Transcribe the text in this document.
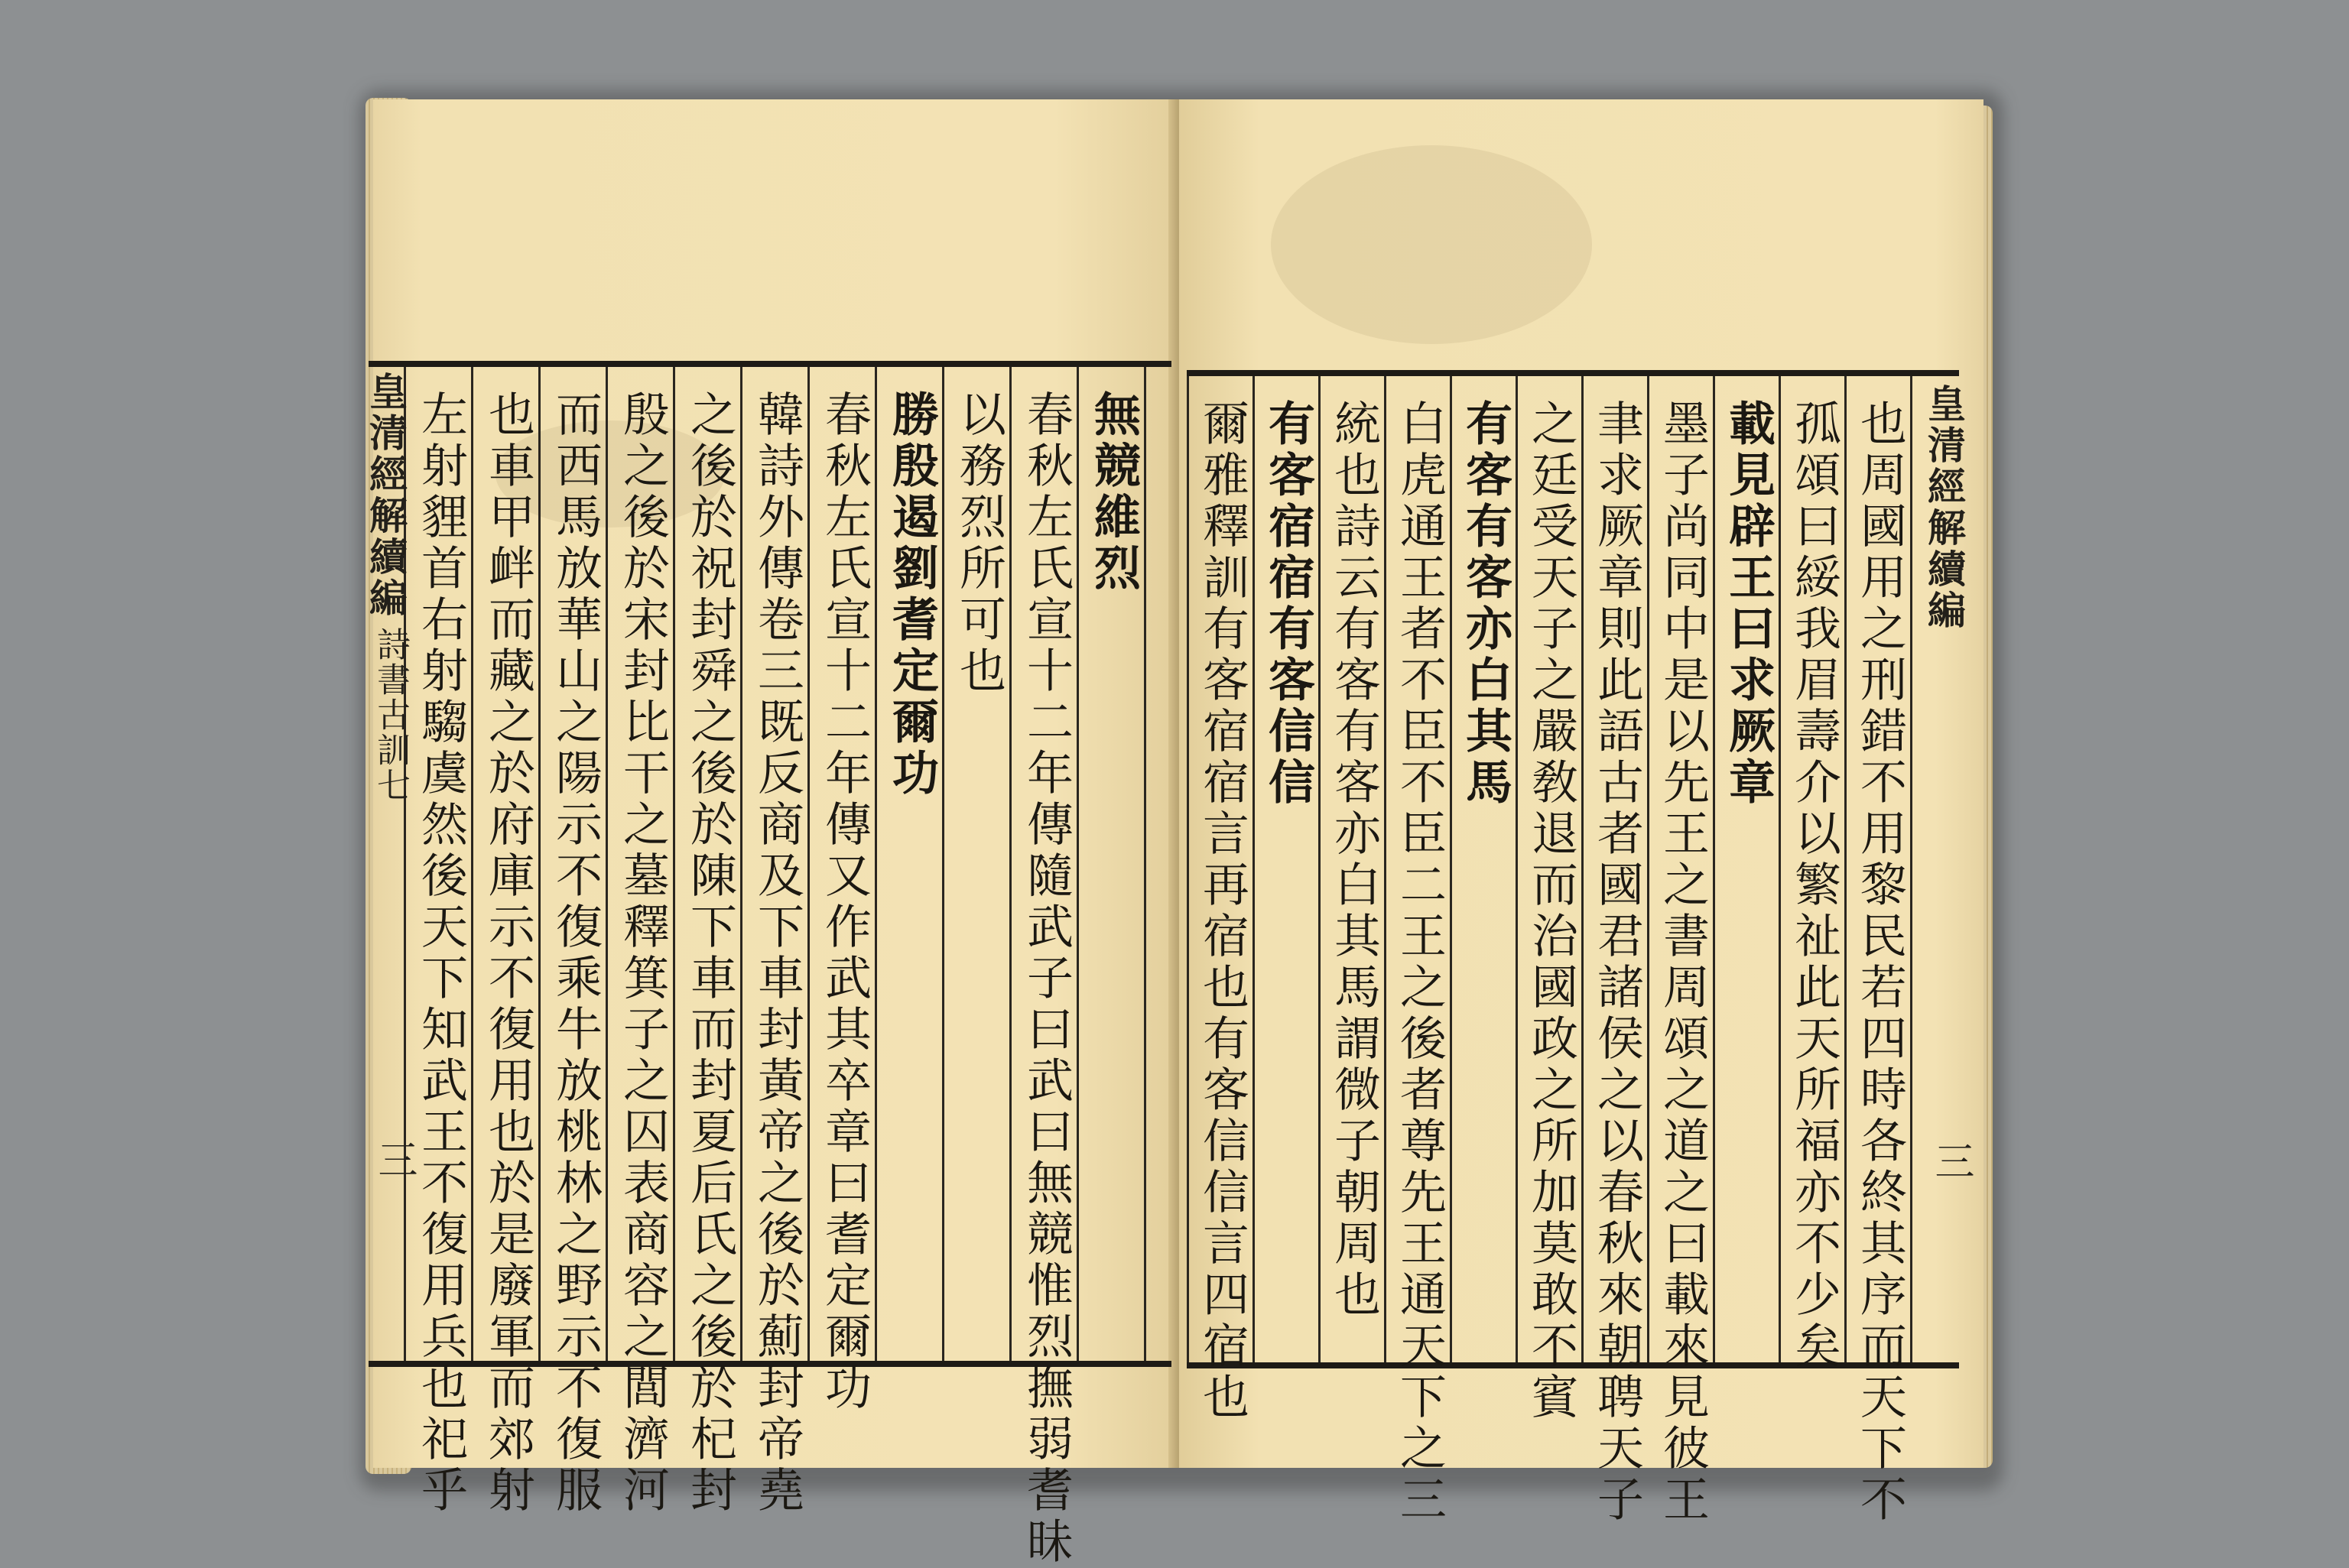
皇清經解續編
詩書古訓七
三
無競維烈
春秋左氏宣十二年傳隨武子曰武曰無競惟烈撫弱耆昧
以務烈所可也
勝殷遏劉耆定爾功
春秋左氏宣十二年傳又作武其卒章曰耆定爾功
韓詩外傳卷三既反商及下車封黃帝之後於薊封帝堯
之後於祝封舜之後於陳下車而封夏后氏之後於杞封
殷之後於宋封比干之墓釋箕子之囚表商容之閭濟河
而西馬放華山之陽示不復乘牛放桃林之野示不復服
也車甲衅而藏之於府庫示不復用也於是廢軍而郊射
左射貍首右射騶虞然後天下知武王不復用兵也祀乎	皇清經解續編
三
也周國用之刑錯不用黎民若四時各終其序而天下不
孤頌曰綏我眉壽介以繁祉此天所福亦不少矣
載見辟王曰求厥章
墨子尚同中是以先王之書周頌之道之曰載來見彼王
聿求厥章則此語古者國君諸侯之以春秋來朝聘天子
之廷受天子之嚴敎退而治國政之所加莫敢不賓
有客有客亦白其馬
白虎通王者不臣不臣二王之後者尊先王通天下之三
統也詩云有客有客亦白其馬謂微子朝周也
有客宿宿有客信信
爾雅釋訓有客宿宿言再宿也有客信信言四宿也
